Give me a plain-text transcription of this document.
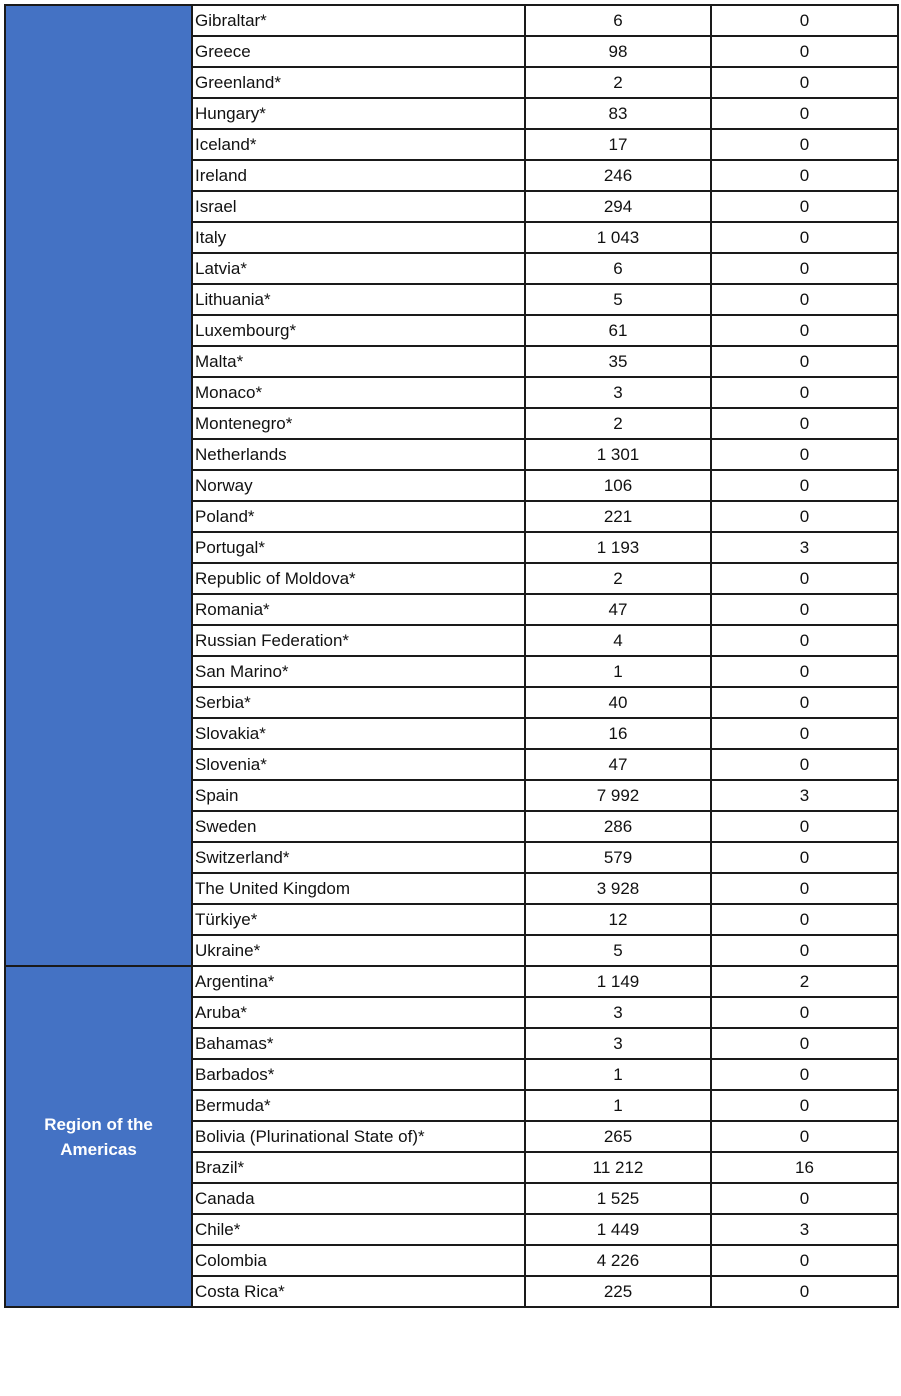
	Gibraltar*	6	0
	Greece	98	0
	Greenland*	2	0
	Hungary*	83	0
	Iceland*	17	0
	Ireland	246	0
	Israel	294	0
	Italy	1 043	0
	Latvia*	6	0
	Lithuania*	5	0
	Luxembourg*	61	0
	Malta*	35	0
	Monaco*	3	0
	Montenegro*	2	0
	Netherlands	1 301	0
	Norway	106	0
	Poland*	221	0
	Portugal*	1 193	3
	Republic of Moldova*	2	0
	Romania*	47	0
	Russian Federation*	4	0
	San Marino*	1	0
	Serbia*	40	0
	Slovakia*	16	0
	Slovenia*	47	0
	Spain	7 992	3
	Sweden	286	0
	Switzerland*	579	0
	The United Kingdom	3 928	0
	Türkiye*	12	0
	Ukraine*	5	0
Region of the Americas	Argentina*	1 149	2
	Aruba*	3	0
	Bahamas*	3	0
	Barbados*	1	0
	Bermuda*	1	0
	Bolivia (Plurinational State of)*	265	0
	Brazil*	11 212	16
	Canada	1 525	0
	Chile*	1 449	3
	Colombia	4 226	0
	Costa Rica*	225	0
